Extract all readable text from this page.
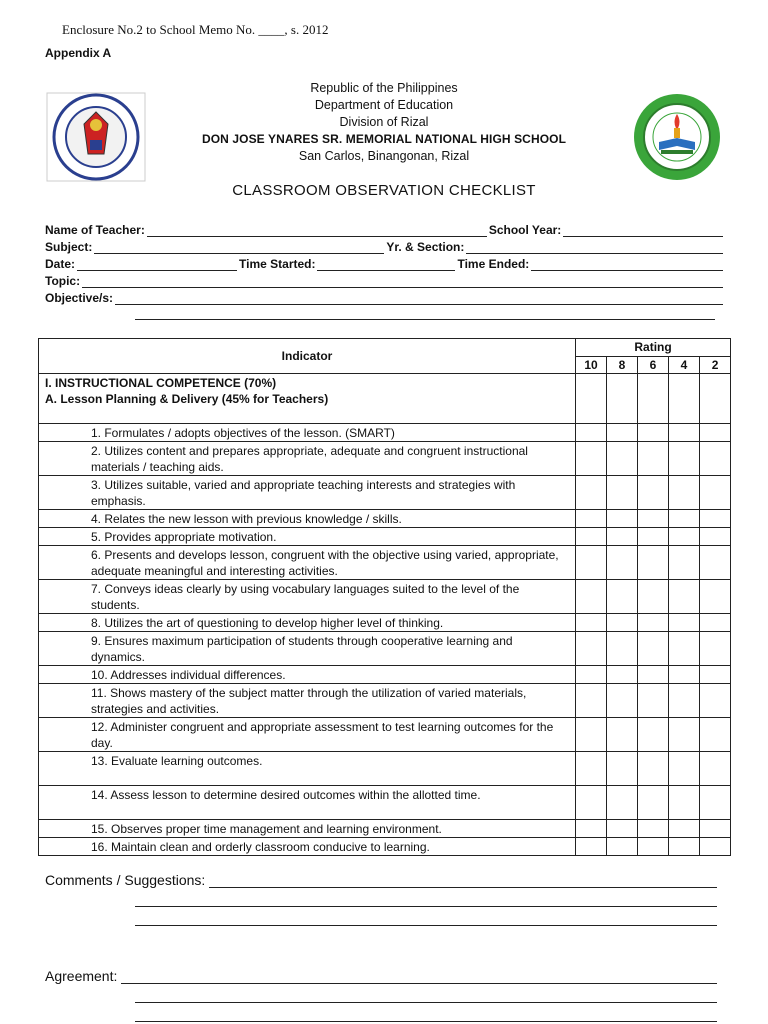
Enclosure No.2 to School Memo No. ____, s. 2012
Appendix A
Republic of the Philippines
Department of Education
Division of Rizal
DON JOSE YNARES SR. MEMORIAL NATIONAL HIGH SCHOOL
San Carlos, Binangonan, Rizal
CLASSROOM OBSERVATION CHECKLIST
Name of Teacher:	School Year:
Subject:	Yr. & Section:
Date:	Time Started:	Time Ended:
Topic:
Objective/s:
Indicator	Rating				
	10	8	6	4	2

I. INSTRUCTIONAL COMPETENCE (70%)
A. Lesson Planning & Delivery (45% for Teachers)					

1. Formulates / adopts objectives of the lesson. (SMART)					
2. Utilizes content and prepares appropriate, adequate and congruent instructional materials / teaching aids.					
3. Utilizes suitable, varied and appropriate teaching interests and strategies with emphasis.					
4. Relates the new lesson with previous knowledge / skills.					
5. Provides appropriate motivation.					
6. Presents and develops lesson, congruent with the objective using varied, appropriate, adequate meaningful and interesting activities.					
7. Conveys ideas clearly by using vocabulary languages suited to the level of the students.					
8. Utilizes the art of questioning to develop higher level of thinking.					
9. Ensures maximum participation of students through cooperative learning and dynamics.					
10. Addresses individual differences.					
11. Shows mastery of the subject matter through the utilization of varied materials, strategies and activities.					
12. Administer congruent and appropriate assessment to test learning outcomes for the day.					
13. Evaluate learning outcomes.					
14. Assess lesson to determine desired outcomes within the allotted time.					
15. Observes proper time management and learning environment.					
16. Maintain clean and orderly classroom conducive to learning.					
Comments / Suggestions:
Agreement:
